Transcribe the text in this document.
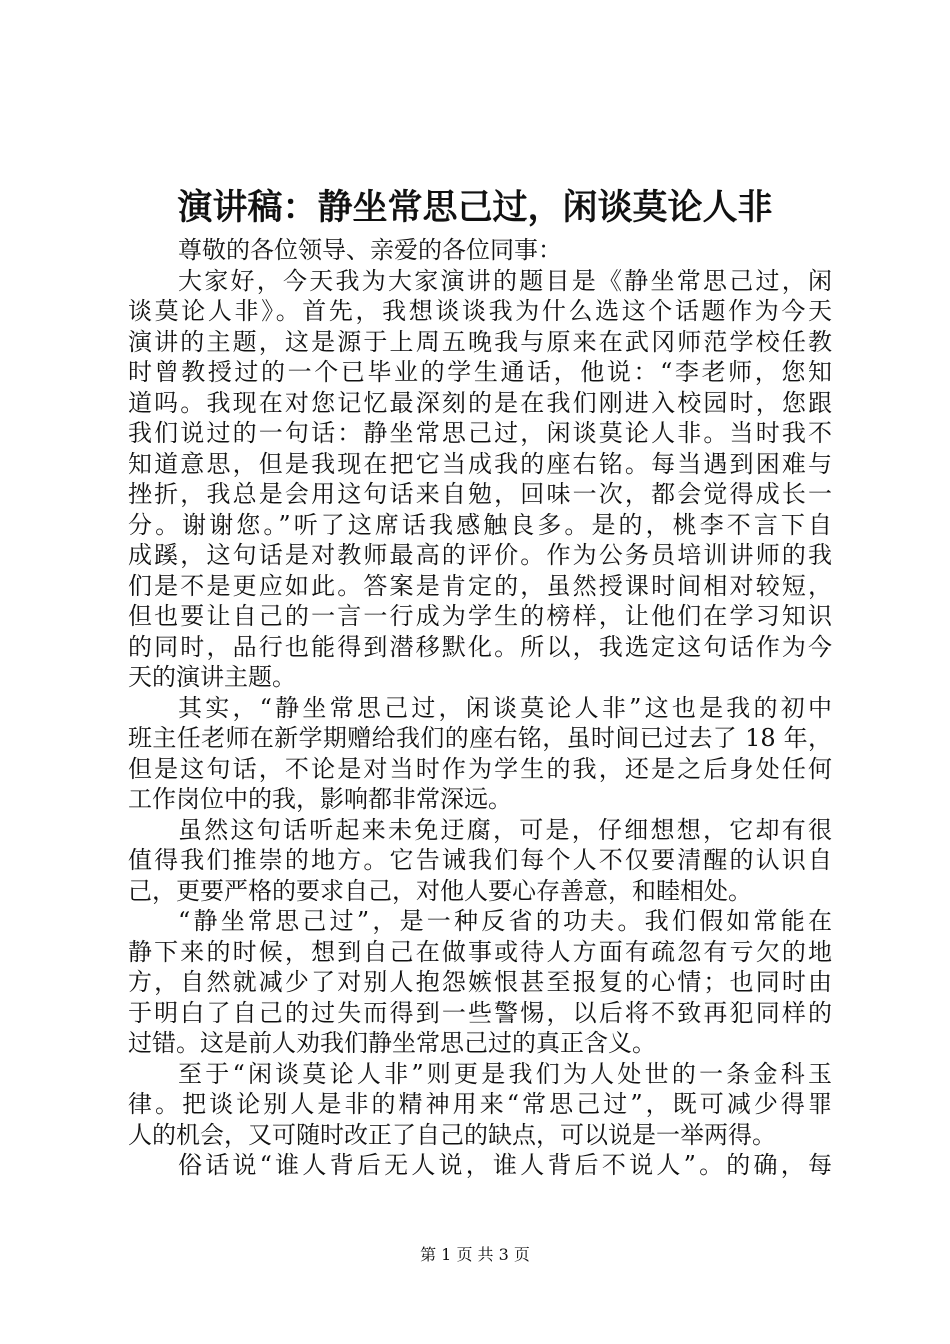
演讲稿：静坐常思己过，闲谈莫论人非
尊敬的各位领导、亲爱的各位同事：
大家好，今天我为大家演讲的题目是《静坐常思己过，闲
谈莫论人非》。首先，我想谈谈我为什么选这个话题作为今天
演讲的主题，这是源于上周五晚我与原来在武冈师范学校任教
时曾教授过的一个已毕业的学生通话，他说：“李老师，您知
道吗。我现在对您记忆最深刻的是在我们刚进入校园时，您跟
我们说过的一句话：静坐常思己过，闲谈莫论人非。当时我不
知道意思，但是我现在把它当成我的座右铭。每当遇到困难与
挫折，我总是会用这句话来自勉，回味一次，都会觉得成长一
分。谢谢您。”听了这席话我感触良多。是的，桃李不言下自
成蹊，这句话是对教师最高的评价。作为公务员培训讲师的我
们是不是更应如此。答案是肯定的，虽然授课时间相对较短，
但也要让自己的一言一行成为学生的榜样，让他们在学习知识
的同时，品行也能得到潜移默化。所以，我选定这句话作为今
天的演讲主题。
其实，“静坐常思己过，闲谈莫论人非”这也是我的初中
班主任老师在新学期赠给我们的座右铭，虽时间已过去了 18 年，
但是这句话，不论是对当时作为学生的我，还是之后身处任何
工作岗位中的我，影响都非常深远。
虽然这句话听起来未免迂腐，可是，仔细想想，它却有很
值得我们推崇的地方。它告诫我们每个人不仅要清醒的认识自
己，更要严格的要求自己，对他人要心存善意，和睦相处。
“静坐常思己过”，是一种反省的功夫。我们假如常能在
静下来的时候，想到自己在做事或待人方面有疏忽有亏欠的地
方，自然就减少了对别人抱怨嫉恨甚至报复的心情；也同时由
于明白了自己的过失而得到一些警惕，以后将不致再犯同样的
过错。这是前人劝我们静坐常思己过的真正含义。
至于“闲谈莫论人非”则更是我们为人处世的一条金科玉
律。把谈论别人是非的精神用来“常思己过”，既可减少得罪
人的机会，又可随时改正了自己的缺点，可以说是一举两得。
俗话说“谁人背后无人说，谁人背后不说人”。的确，每
第 1 页 共 3 页
